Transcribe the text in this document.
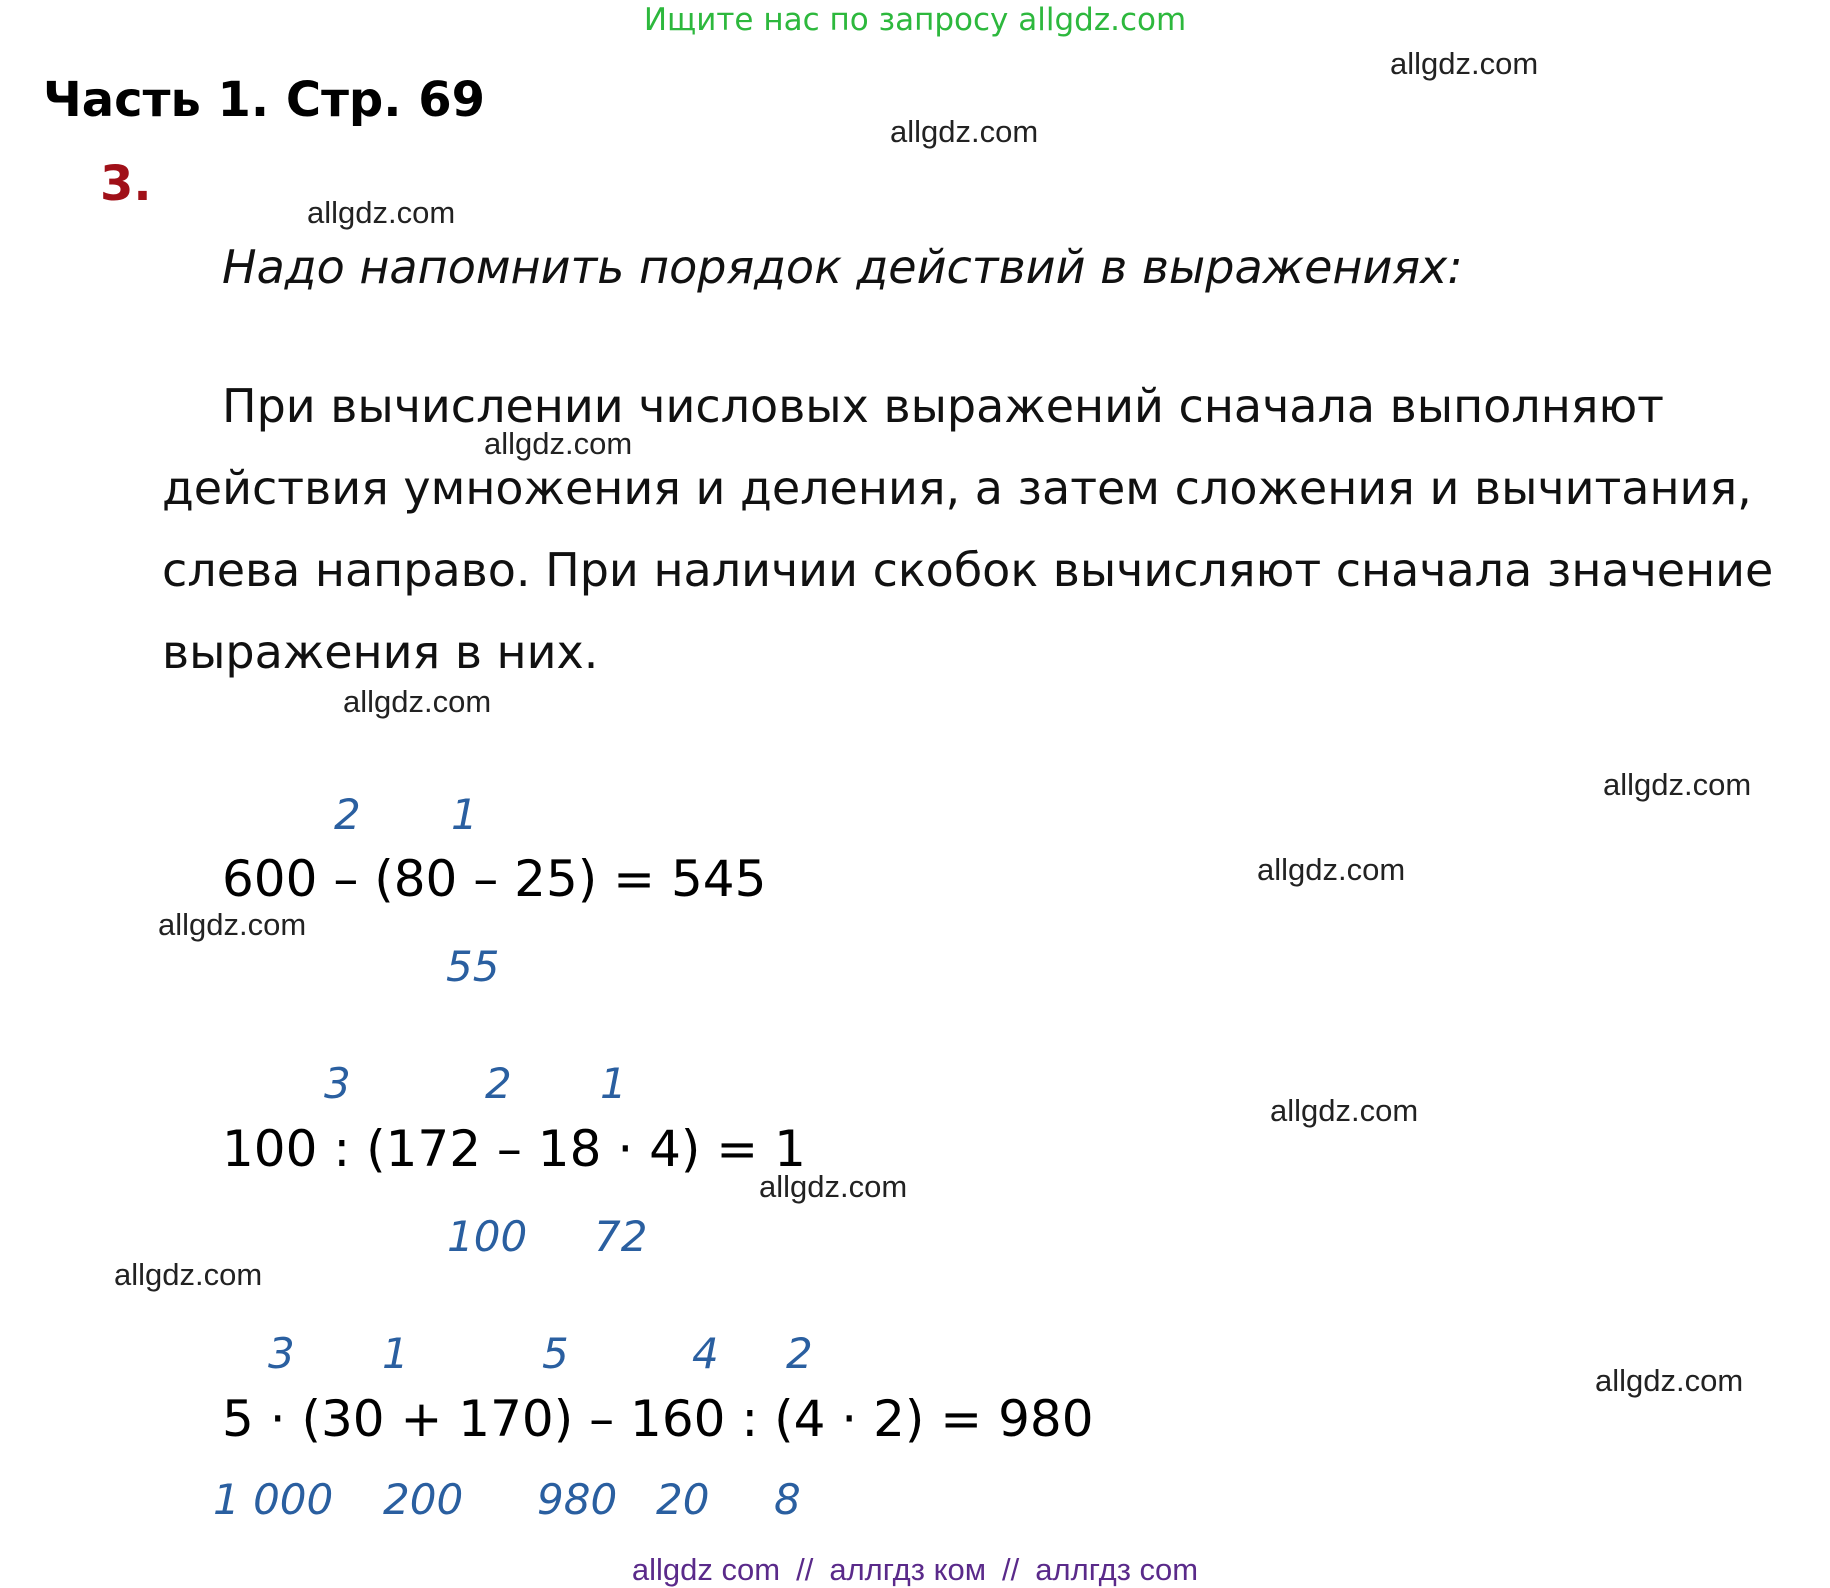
Ищите нас по запросу allgdz.com
Часть 1. Стр. 69
3.
Надо напомнить порядок действий в выражениях:
При вычислении числовых выражений сначала выполняют действия умножения и деления, а затем сложения и вычитания, слева направо. При наличии скобок вычисляют сначала значение выражения в них.
2 1
600 – (80 – 25) = 545
55
3	2 1
100 : (172 – 18 · 4) = 1
100 72
3 1	5	4 2
5 · (30 + 170) – 160 : (4 · 2) = 980
1 000 200 980 20 8
allgdz.com
allgdz.com
allgdz.com
allgdz.com
allgdz.com
allgdz.com
allgdz.com
allgdz.com
allgdz.com
allgdz.com
allgdz.com
allgdz.com
allgdz com // аллгдз ком // аллгдз com
